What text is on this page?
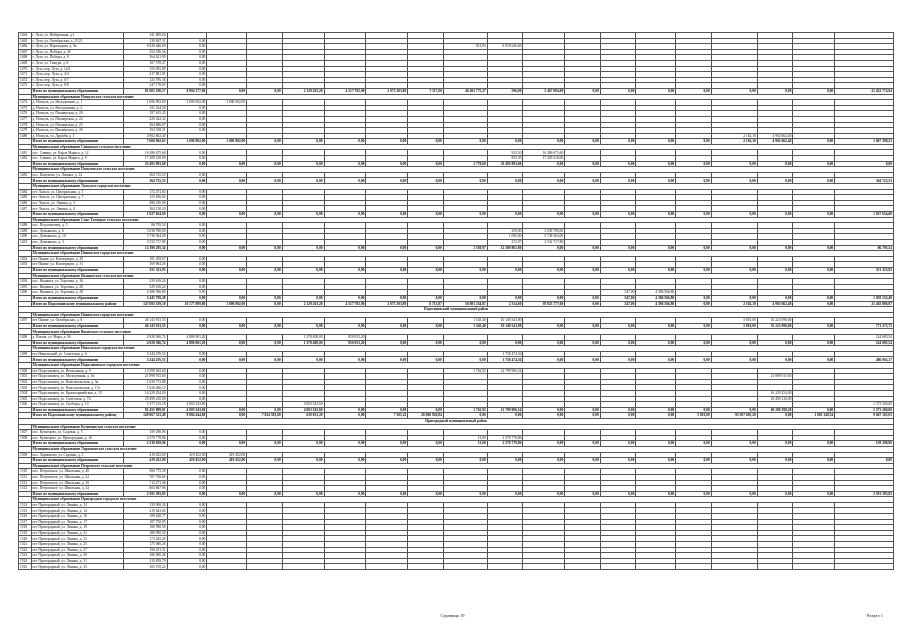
1464	г. Луза, ул. Набережная, д.1	341 809,64																		
1465	г. Луза, ул. Октябрьская, д. 25/21	139 847,11	0,00																	
1466	г. Луза, ул. Пароходная, д. 9а	6 920 646,60	0,00							815,83	6 918 646,60									
1467	г. Луза, ул. Победы, д. 26	252 186,56	0,00																	
1468	г. Луза, ул. Победы, д. 8	364 621,90	0,00																	
1469	г. Луза, ул. Тимура, д. 8	167 578,47	0,00																	
1470	г. Луза, пер. Луза, д. 1а/2	153 055,89	0,00																	
1471	г. Луза, пер. Луза, д. 4/4	217 881,85	0,00																	
1472	г. Луза, пер. Луза, д. 6/7	123 976,36	0,00																	
1473	г. Луза, пер. Луза, д. 8/8	247 170,05	0,00																	
	Итого по муниципальному образованию	81 001 190,17	8 804 177,80	0,00	0,00	2 129 263,20	4 517 792,00	2 073 103,80	7 117,00	46 491 775,27	596,00	5 467 084,00	0,00	0,00	0,00	0,00	0,00	0,00	0,00	21 452 774,94
	Муниципальное образование Ношульское сельское поселение																			
1474	д. Ношуль, ул. Молодежная, д. 1	1 696 902,00	1 696 902,00	1 696 902,00																
1475	д. Ношуль, ул. Молодежная, д. 2	151 224,50	0,00																	
1476	д. Ношуль, ул. Пионерская, д. 20	197 615,45	0,00																	
1477	д. Ношуль, ул. Пионерская, д. 22	229 422,32	0,00																	
1478	д. Ношуль, ул. Пионерская, д. 25	264 686,07	0,00																	
1479	д. Ношуль, ул. Пионерская, д. 26	194 538,31	0,00																	
1480	д. Ношуль, ул. Дружбы д. 1	4 902 662,40															2 162,10	4 902 662,40		
	Итого по муниципальному образованию	7 666 962,63	1 696 902,00	1 696 902,00	0,00	0,00	0,00	0,00	0,00	0,00	0,00	0,00	0,00	0,00	0,00	0,00	2 162,10	4 902 662,40	0,00	1 067 398,23
	Муниципальное образование Савинское сельское поселение																			
1481	пос. Савино, ул. Карла Маркса, д. 12	16 286 675,60	0,00								923,30	16 286 675,60								
1482	пос. Савино, ул. Карла Маркса, д. 9	17 209 218,00	0,00								855,30	17 209 218,00								
	Итого по муниципальному образованию	33 495 893,60	0,00	0,00	0,00	0,00	0,00	0,00	0,00	1 778,60	33 495 893,60	0,00	0,00	0,00	0,00	0,00	0,00	0,00	0,00	0,00
	Муниципальное образование Папуловское сельское поселение																			
1483	пос. Папулово, ул. Ленина, д. 12	364 725,53	0,00																	
	Итого по муниципальному образованию	364 725,53	0,00	0,00	0,00	0,00	0,00	0,00	0,00	0,00	0,00	0,00	0,00	0,00	0,00	0,00	0,00	0,00	0,00	364 725,53
	Муниципальное образование Лальское городское поселение																			
1484	пгт Лальск, ул. Центральная, д. 1	172 471,84	0,00																	
1485	пгт Лальск, ул. Центральная, д. 7	153 656,64	0,00																	
1486	пгт Лальск, ул. Ленина, д. 3	496 416,06	0,00																	
1487	пгт Лальск, ул. Ленина, д. 4	304 150,20	0,00																	
	Итого по муниципальному образованию	1 027 654,60	0,00	0,00	0,00	0,00	0,00	0,00	0,00	0,00	0,00	0,00	0,00	0,00	0,00	0,00	0,00	0,00	0,00	1 027 654,60
	Муниципальное образование Спас-Талицкое сельское поселение																			
1488	пос. Подосиновец, д. 5	86 795,54	0,00																	
1489	пос. Демьяново, д. 6	3 038 780,00	0,00								258,00	3 038 780,00								
1490	пос. Демьяново, д. 10	5 738 364,00	0,00								1 000,00	5 738 364,00								
1491	пос. Демьяново, д. 3	3 532 717,80	0,00								272,97	3 532 717,80								
	Итого по муниципальному образованию	12 396 295,34	0,00	0,00	0,00	0,00	0,00	0,00	0,00	1 530,97	12 309 861,80	0,00	0,00	0,00	0,00	0,00	0,00	0,00	0,00	86 795,54
	Муниципальное образование Пинюгское городское поселение																			
1492	пгт Пинюг, ул. Кооперации, д. 29	181 459,67	0,00																	
1493	пгт Пинюг, ул. Кооперации, д. 31	169 864,26	0,00																	
	Итого по муниципальному образованию	351 323,93	0,00	0,00	0,00	0,00	0,00	0,00	0,00	0,00	0,00	0,00	0,00	0,00	0,00	0,00	0,00	0,00	0,00	351 323,93
	Муниципальное образование Якшангское сельское поселение																			
1494	пос. Якшанга, ул. Торговая, д. 16	529 616,24	0,00																	
1495	пос. Якшанга, ул. Торговая, д. 20	529 616,24	0,00																	
1496	пос. Якшанга, ул. Торговая, д. 28	4 386 566,80	0,00											547,00	4 386 566,80					
	Итого по муниципальному образованию	5 445 799,28	0,00	0,00	0,00	0,00	0,00	0,00	0,00	0,00	0,00	0,00	0,00	547,00	4 386 566,80	0,00	0,00	0,00	0,00	1 059 232,48
	Итого по Подосиновскому муниципальному району	147 693 359,18	10 177 899,80	1 696 902,00	0,00	2 129 263,20	4 517 792,00	2 073 103,80	8 713,87	56 081 234,81	2 314,60	39 823 777,60	0,00	547,00	4 386 566,80	0,00	2 162,10	4 902 662,40	0,00	21 402 886,97
Подосиновский муниципальный район																				
	Муниципальное образование Пинюгское городское поселение																			
1497	пгт Пинюг, ул. Октябрьская, д. 6	46 143 913,55	0,00							1 545,40	10 149 543,80						5 810,00	35 223 096,00		
	Итого по муниципальному образованию	46 143 913,55	0,00	0,00	0,00	0,00	0,00	0,00	0,00	1 545,40	10 149 543,80	0,00	0,00	0,00	0,00	0,00	5 810,00	35 223 096,00	0,00	771 273,75
	Муниципальное образование Висимское сельское поселение																			
1498	д. Висим, ул. Мира, д. 9б	4 928 506,74	4 880 901,20			1 378 408,00	850 053,20													224 085,54
	Итого по муниципальному образованию	4 928 506,74	4 880 901,20	0,00	0,00	1 378 408,00	850 053,20	0,00	0,00	0,00	0,00	0,00	0,00	0,00	0,00	0,00	0,00	0,00	0,00	224 085,54
	Муниципальное образование Никольское городское поселение																			
1499	пгт Никольский, ул. Советская, д. 6	5 244 476,53	0,00								1 758 474,36									
	Итого по муниципальному образованию	5 244 476,53	0,00	0,00	0,00	0,00	0,00	0,00	0,00	0,00	1 758 474,36	0,00	0,00	0,00	0,00	0,00	0,00	0,00	0,00	486 002,17
	Муниципальное образование Подосиновское городское поселение																			
1500	пгт Подосиновец, ул. Вокзальная, д. 9	13 599 302,60	0,00							1 762,92	12 799 906,54									
1501	пгт Подосиновец, ул. Молодежная, д. 16	21 898 915,60	0,00															21 898 915,60		
1502	пгт Подосиновец, ул. Комсомольская, д. 5а	1 039 772,88	0,00																	
1503	пгт Подосиновец, ул. Комсомольская, д. 17а	1 020 466,12	0,00																	
1504	пгт Подосиновец, ул. Красноармейская, д. 13	16 229 254,00	0,00															16 229 254,00		
1505	пгт Подосиновец, ул. Советская, д. 74	29 499 210,00	0,00															29 499 210,00		
1506	пгт Подосиновец, ул. Свободы, д. 10	5 377 215,18	4 003 543,60			4 003 543,60														1 373 260,00
	Итого по муниципальному образованию	81 451 809,01	4 003 543,60	0,00	0,00	4 003 543,60	0,00	0,00	0,00	1 762,92	12 799 906,54	0,00	0,00	0,00	0,00	0,00	0,00	60 200 398,20	0,00	1 373 260,00
	Итого по Подосиновскому муниципальному району	140 067 323,49	8 884 444,80	0,00	7 654 593,60	630 053,20	0,00	7 305,22	26 906 926,84	0,00	0,00	0,00	0,00	0,00	0,00	5 810,00	95 507 605,20	0,00	1 081 348,54	9 667 163,03
Пригородный муниципальный район																				
	Муниципальное образование Кузнецовское сельское поселение																			
1507	пос. Кузнецово, ул. Садовая, д. 5	159 290,96	0,00																	
1508	пос. Кузнецово, ул. Пригородная, д. 16	2 370 778,86	0,00							13,00	2 370 778,86									
	Итого по муниципальному образованию	2 530 029,96	0,00	0,00	0,00	0,00	0,00	0,00	0,00	13,00	2 370 778,86	0,00	0,00	0,00	0,00	0,00	0,00	0,00	0,00	159 290,96
	Муниципальное образование Ларионовское сельское поселение																			
1509	пос. Ларионово, ул. Садовая, д. 3	419 452,00	419 452,00	419 452,00																
	Итого по муниципальному образованию	419 452,00	419 452,00	419 452,00	0,00	0,00	0,00	0,00	0,00	0,00	0,00	0,00	0,00	0,00	0,00	0,00	0,00	0,00	0,00	0,00
	Муниципальное образование Петровское сельское поселение																			
1510	пос. Петровское, ул. Школьная, д. 20	566 775,38	0,00																	
1511	пос. Петровское, ул. Школьная, д. 22	707 768,66	0,00																	
1512	пос. Петровское, ул. Школьная, д. 30	712 271,46	0,00																	
1513	пос. Петровское, ул. Школьная, д. 32	604 667,96	0,00																	
	Итого по муниципальному образованию	2 591 383,85	0,00	0,00	0,00	0,00	0,00	0,00	0,00	0,00	0,00	0,00	0,00	0,00	0,00	0,00	0,00	0,00	0,00	2 591 383,85
	Муниципальное образование Пригородное городское поселение																			
1514	пгт Пригородный, ул. Ленина, д. 12	139 900,30	0,00																	
1515	пгт Пригородный, ул. Ленина, д. 14	219 643,84	0,00																	
1516	пгт Пригородный, ул. Ленина, д. 16	199 620,77	0,00																	
1517	пгт Пригородный, ул. Ленина, д. 17	187 750,85	0,00																	
1518	пгт Пригородный, ул. Ленина, д. 19	180 990,50	0,00																	
1519	пгт Пригородный, ул. Ленина, д. 21	180 990,50	0,00																	
1520	пгт Пригородный, ул. Ленина, д. 23	173 445,29	0,00																	
1521	пгт Пригородный, ул. Ленина, д. 25	175 066,26	0,00																	
1522	пгт Пригородный, ул. Ленина, д. 27	190 251,31	0,00																	
1523	пгт Пригородный, ул. Ленина, д. 29	186 680,46	0,00																	
1524	пгт Пригородный, ул. Ленина, д. 31	210 859,79	0,00																	
1525	пгт Пригородный, ул. Ленина, д. 33	183 570,24	0,00																	
Страница 19	Раздел 1
